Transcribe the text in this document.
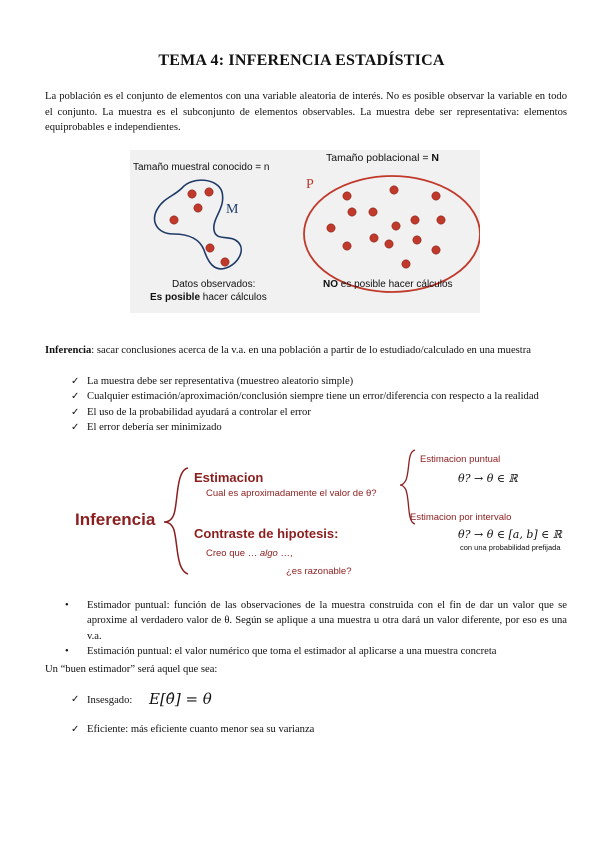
TEMA 4: INFERENCIA ESTADÍSTICA
La población es el conjunto de elementos con una variable aleatoria de interés. No es posible observar la variable en todo el conjunto. La muestra es el subconjunto de elementos observables. La muestra debe ser representativa: elementos equiprobables e independientes.
Tamaño muestral conocido = n
Tamaño poblacional = N
M
P
Datos observados:
Es posible hacer cálculos
NO es posible hacer cálculos
Inferencia: sacar conclusiones acerca de la v.a. en una población a partir de lo estudiado/calculado en una muestra
✓ La muestra debe ser representativa (muestreo aleatorio simple)
✓ Cualquier estimación/aproximación/conclusión siempre tiene un error/diferencia con respecto a la realidad
✓ El uso de la probabilidad ayudará a controlar el error
✓ El error debería ser minimizado
Inferencia
Estimacion
Cual es aproximadamente el valor de θ?
Contraste de hipotesis:
Creo que … algo …,
¿es razonable?
Estimacion puntual
θ? → θ ∈ ℝ
Estimacion por intervalo
θ? → θ ∈ [a, b] ∈ ℝ
con una probabilidad prefijada
• Estimador puntual: función de las observaciones de la muestra construida con el fin de dar un valor que se aproxime al verdadero valor de θ. Según se aplique a una muestra u otra dará un valor diferente, por eso es una v.a.
• Estimación puntual: el valor numérico que toma el estimador al aplicarse a una muestra concreta
Un “buen estimador” será aquel que sea:
✓ Insesgado: E[θ̂] = θ
✓ Eficiente: más eficiente cuanto menor sea su varianza
